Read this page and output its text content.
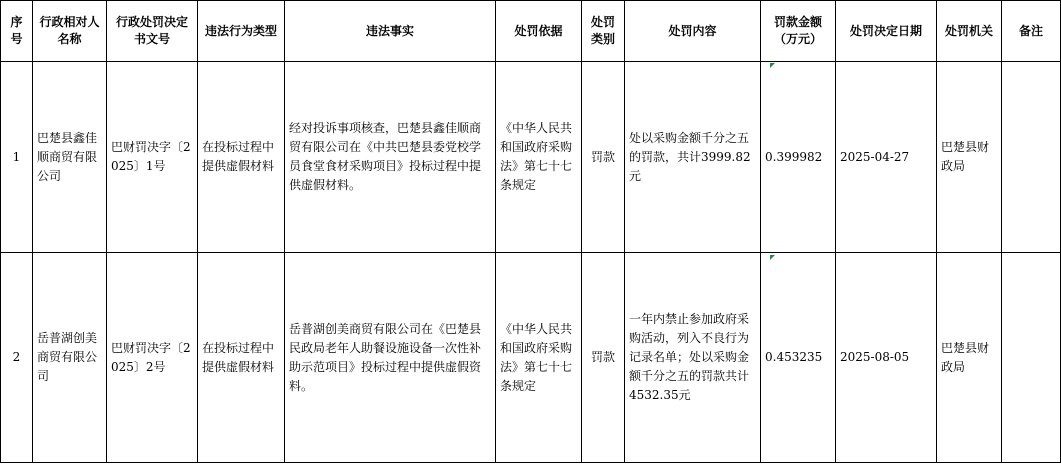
序号	行政相对人名称	行政处罚决定书文号	违法行为类型	违法事实	处罚依据	处罚类别	处罚内容	罚款金额（万元）	处罚决定日期	处罚机关	备注
1	巴楚县鑫佳顺商贸有限公司	巴财罚决字〔2025〕1号	在投标过程中提供虚假材料	经对投诉事项核查，巴楚县鑫佳顺商贸有限公司在《中共巴楚县委党校学员食堂食材采购项目》投标过程中提供虚假材料。	《中华人民共和国政府采购法》第七十七条规定	罚款	处以采购金额千分之五的罚款，共计3999.82元	0.399982	2025-04-27	巴楚县财政局	
2	岳普湖创美商贸有限公司	巴财罚决字〔2025〕2号	在投标过程中提供虚假材料	岳普湖创美商贸有限公司在《巴楚县民政局老年人助餐设施设备一次性补助示范项目》投标过程中提供虚假资料。	《中华人民共和国政府采购法》第七十七条规定	罚款	一年内禁止参加政府采购活动，列入不良行为记录名单；处以采购金额千分之五的罚款共计4532.35元	0.453235	2025-08-05	巴楚县财政局	
